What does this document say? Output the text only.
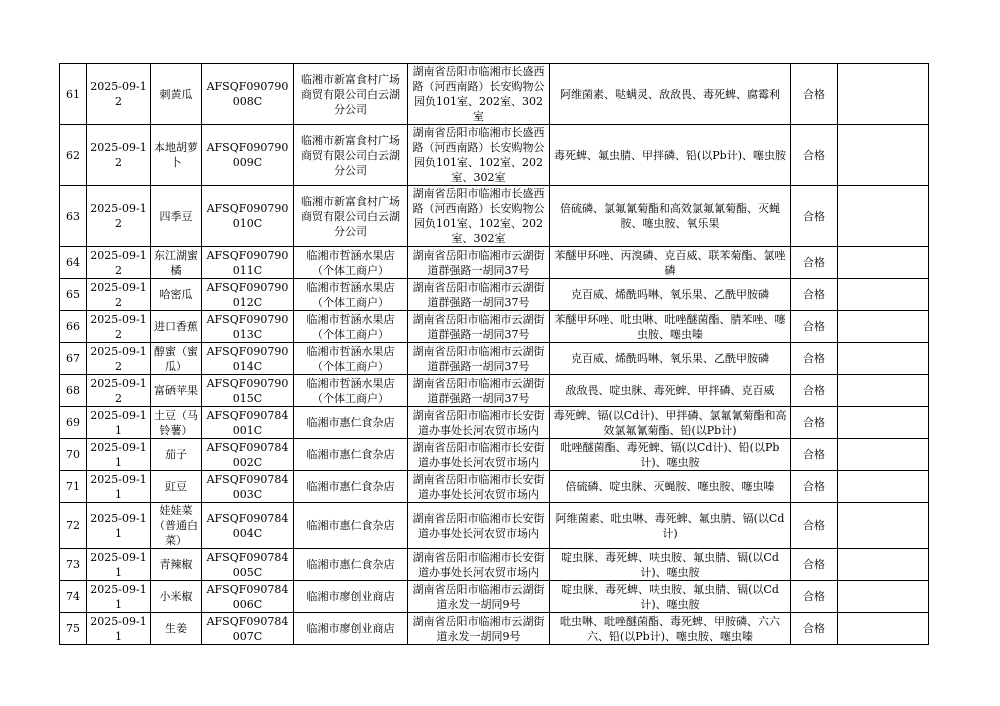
61	2025-09-12	刺黄瓜	AFSQF090790008C	临湘市新富食村广场商贸有限公司白云湖分公司	湖南省岳阳市临湘市长盛西路（河西南路）长安购物公园负101室、202室、302室	阿维菌素、哒螨灵、敌敌畏、毒死蜱、腐霉利	合格	
62	2025-09-12	本地胡萝卜	AFSQF090790009C	临湘市新富食村广场商贸有限公司白云湖分公司	湖南省岳阳市临湘市长盛西路（河西南路）长安购物公园负101室、102室、202室、302室	毒死蜱、氟虫腈、甲拌磷、铅(以Pb计)、噻虫胺	合格	
63	2025-09-12	四季豆	AFSQF090790010C	临湘市新富食村广场商贸有限公司白云湖分公司	湖南省岳阳市临湘市长盛西路（河西南路）长安购物公园负101室、102室、202室、302室	倍硫磷、氯氟氰菊酯和高效氯氟氰菊酯、灭蝇胺、噻虫胺、氧乐果	合格	
64	2025-09-12	东江湖蜜橘	AFSQF090790011C	临湘市哲涵水果店（个体工商户）	湖南省岳阳市临湘市云湖街道群强路一胡同37号	苯醚甲环唑、丙溴磷、克百威、联苯菊酯、氯唑磷	合格	
65	2025-09-12	哈密瓜	AFSQF090790012C	临湘市哲涵水果店（个体工商户）	湖南省岳阳市临湘市云湖街道群强路一胡同37号	克百威、烯酰吗啉、氧乐果、乙酰甲胺磷	合格	
66	2025-09-12	进口香蕉	AFSQF090790013C	临湘市哲涵水果店（个体工商户）	湖南省岳阳市临湘市云湖街道群强路一胡同37号	苯醚甲环唑、吡虫啉、吡唑醚菌酯、腈苯唑、噻虫胺、噻虫嗪	合格	
67	2025-09-12	醇蜜（蜜瓜）	AFSQF090790014C	临湘市哲涵水果店（个体工商户）	湖南省岳阳市临湘市云湖街道群强路一胡同37号	克百威、烯酰吗啉、氧乐果、乙酰甲胺磷	合格	
68	2025-09-12	富硒苹果	AFSQF090790015C	临湘市哲涵水果店（个体工商户）	湖南省岳阳市临湘市云湖街道群强路一胡同37号	敌敌畏、啶虫脒、毒死蜱、甲拌磷、克百威	合格	
69	2025-09-11	土豆（马铃薯）	AFSQF090784001C	临湘市惠仁食杂店	湖南省岳阳市临湘市长安街道办事处长河农贸市场内	毒死蜱、镉(以Cd计)、甲拌磷、氯氟氰菊酯和高效氯氟氰菊酯、铅(以Pb计)	合格	
70	2025-09-11	茄子	AFSQF090784002C	临湘市惠仁食杂店	湖南省岳阳市临湘市长安街道办事处长河农贸市场内	吡唑醚菌酯、毒死蜱、镉(以Cd计)、铅(以Pb计)、噻虫胺	合格	
71	2025-09-11	豇豆	AFSQF090784003C	临湘市惠仁食杂店	湖南省岳阳市临湘市长安街道办事处长河农贸市场内	倍硫磷、啶虫脒、灭蝇胺、噻虫胺、噻虫嗪	合格	
72	2025-09-11	娃娃菜（普通白菜）	AFSQF090784004C	临湘市惠仁食杂店	湖南省岳阳市临湘市长安街道办事处长河农贸市场内	阿维菌素、吡虫啉、毒死蜱、氟虫腈、镉(以Cd计)	合格	
73	2025-09-11	青辣椒	AFSQF090784005C	临湘市惠仁食杂店	湖南省岳阳市临湘市长安街道办事处长河农贸市场内	啶虫脒、毒死蜱、呋虫胺、氟虫腈、镉(以Cd计)、噻虫胺	合格	
74	2025-09-11	小米椒	AFSQF090784006C	临湘市廖创业商店	湖南省岳阳市临湘市云湖街道永发一胡同9号	啶虫脒、毒死蜱、呋虫胺、氟虫腈、镉(以Cd计)、噻虫胺	合格	
75	2025-09-11	生姜	AFSQF090784007C	临湘市廖创业商店	湖南省岳阳市临湘市云湖街道永发一胡同9号	吡虫啉、吡唑醚菌酯、毒死蜱、甲胺磷、六六六、铅(以Pb计)、噻虫胺、噻虫嗪	合格	
